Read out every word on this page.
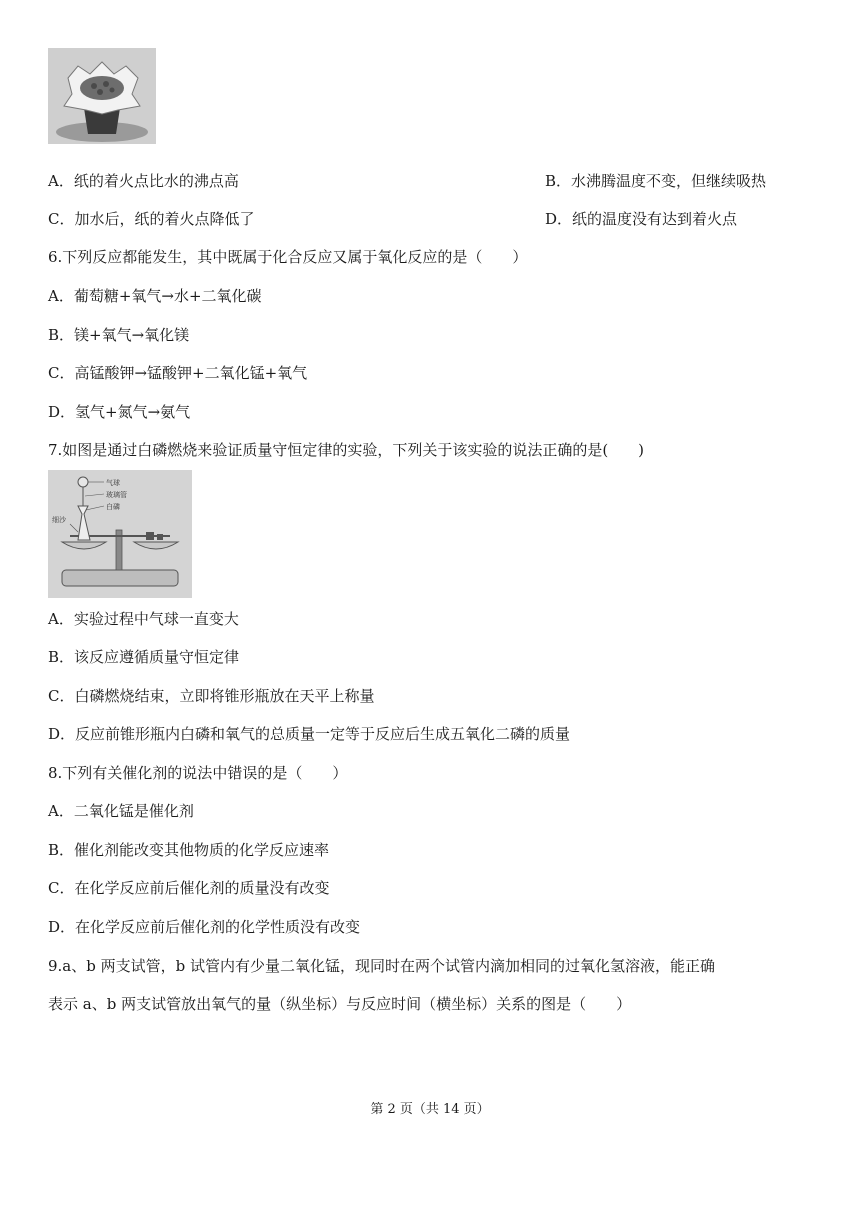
A．纸的着火点比水的沸点高	B．水沸腾温度不变，但继续吸热
C．加水后，纸的着火点降低了	D．纸的温度没有达到着火点
6.下列反应都能发生，其中既属于化合反应又属于氧化反应的是（　　）
A．葡萄糖+氧气→水+二氧化碳
B．镁+氧气→氧化镁
C．高锰酸钾→锰酸钾+二氧化锰+氧气
D．氢气+氮气→氨气
7.如图是通过白磷燃烧来验证质量守恒定律的实验，下列关于该实验的说法正确的是(　　)
气球
玻璃管
白磷
细沙
A．实验过程中气球一直变大
B．该反应遵循质量守恒定律
C．白磷燃烧结束，立即将锥形瓶放在天平上称量
D．反应前锥形瓶内白磷和氧气的总质量一定等于反应后生成五氧化二磷的质量
8.下列有关催化剂的说法中错误的是（　　）
A．二氧化锰是催化剂
B．催化剂能改变其他物质的化学反应速率
C．在化学反应前后催化剂的质量没有改变
D．在化学反应前后催化剂的化学性质没有改变
9.a、b 两支试管，b 试管内有少量二氧化锰，现同时在两个试管内滴加相同的过氧化氢溶液，能正确
表示 a、b 两支试管放出氧气的量（纵坐标）与反应时间（横坐标）关系的图是（　　）
第 2 页（共 14 页）
